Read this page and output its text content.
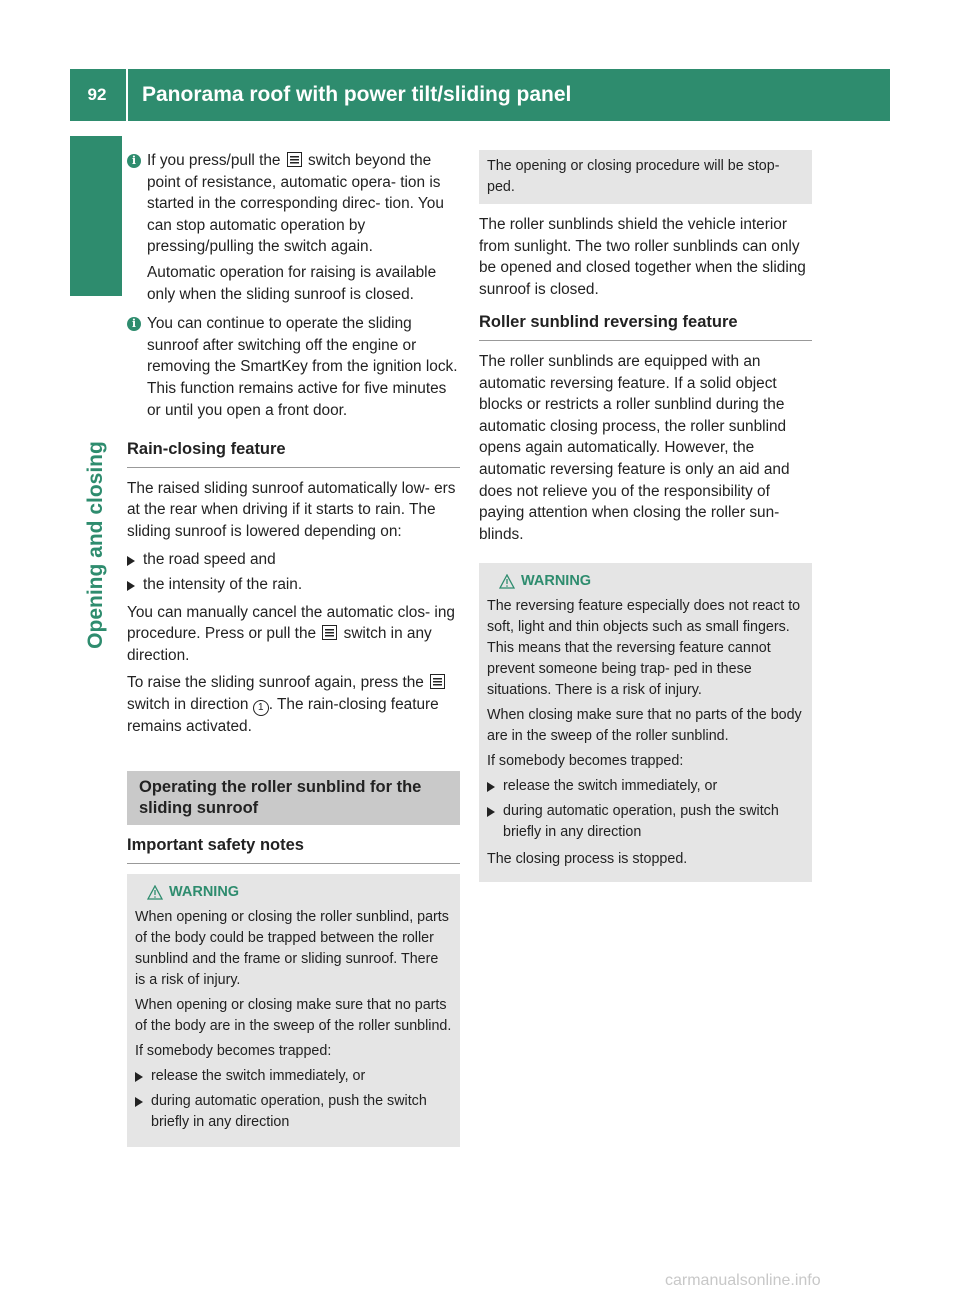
92	Panorama roof with power tilt/sliding panel
Opening and closing
i If you press/pull the  switch beyond the point of resistance, automatic opera- tion is started in the corresponding direc- tion. You can stop automatic operation by pressing/pulling the switch again.

Automatic operation for raising is available only when the sliding sunroof is closed.

i You can continue to operate the sliding sunroof after switching off the engine or removing the SmartKey from the ignition lock. This function remains active for five minutes or until you open a front door.

Rain-closing feature

The raised sliding sunroof automatically low- ers at the rear when driving if it starts to rain. The sliding sunroof is lowered depending on:

the road speed and
the intensity of the rain.

You can manually cancel the automatic clos- ing procedure. Press or pull the  switch in any direction.

To raise the sliding sunroof again, press the  switch in direction 1 . The rain-closing feature remains activated.

Operating the roller sunblind for the sliding sunroof
Important safety notes
WARNING

When opening or closing the roller sunblind, parts of the body could be trapped between the roller sunblind and the frame or sliding sunroof. There is a risk of injury.

When opening or closing make sure that no parts of the body are in the sweep of the roller sunblind.

If somebody becomes trapped:

release the switch immediately, or
during automatic operation, push the switch briefly in any direction
The opening or closing procedure will be stop- ped.

The roller sunblinds shield the vehicle interior from sunlight. The two roller sunblinds can only be opened and closed together when the sliding sunroof is closed.

Roller sunblind reversing feature

The roller sunblinds are equipped with an automatic reversing feature. If a solid object blocks or restricts a roller sunblind during the automatic closing process, the roller sunblind opens again automatically. However, the automatic reversing feature is only an aid and does not relieve you of the responsibility of paying attention when closing the roller sun- blinds.

WARNING

The reversing feature especially does not react to soft, light and thin objects such as small fingers. This means that the reversing feature cannot prevent someone being trap- ped in these situations. There is a risk of injury.

When closing make sure that no parts of the body are in the sweep of the roller sunblind.

If somebody becomes trapped:

release the switch immediately, or
during automatic operation, push the switch briefly in any direction

The closing process is stopped.

carmanualsonline.info
